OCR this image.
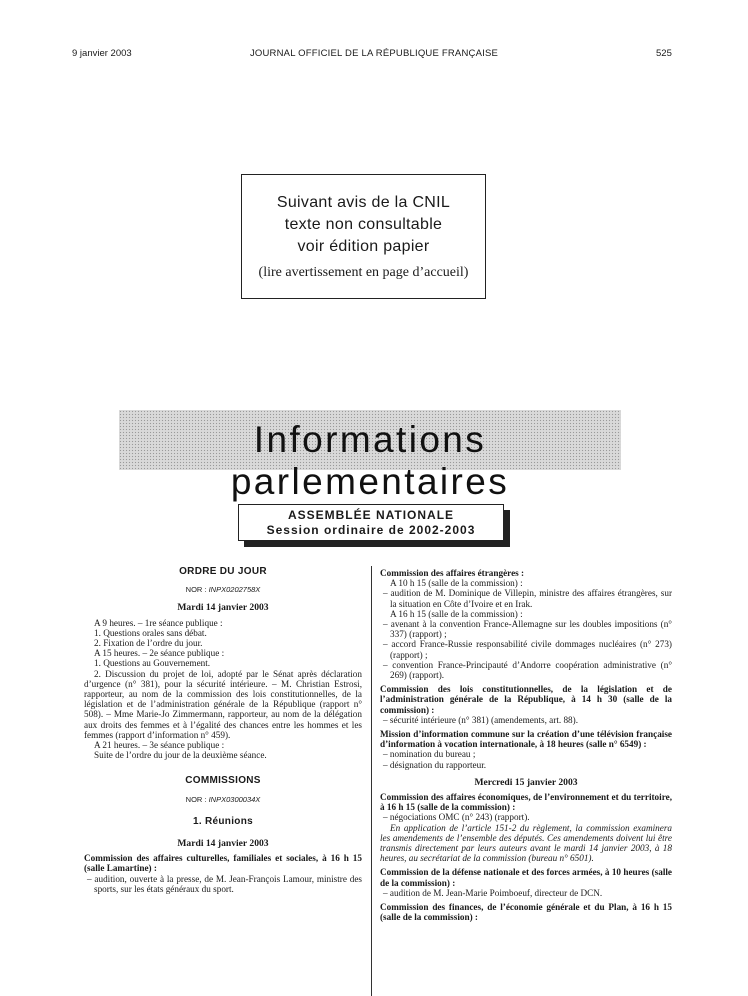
9 janvier 2003	JOURNAL OFFICIEL DE LA RÉPUBLIQUE FRANÇAISE	525
Suivant avis de la CNIL
texte non consultable
voir édition papier
(lire avertissement en page d’accueil)
Informations parlementaires
ASSEMBLÉE NATIONALE
Session ordinaire de 2002-2003
ORDRE DU JOUR
NOR : INPX0202758X
Mardi 14 janvier 2003
A 9 heures. – 1re séance publique :
1. Questions orales sans débat.
2. Fixation de l’ordre du jour.
A 15 heures. – 2e séance publique :
1. Questions au Gouvernement.
2. Discussion du projet de loi, adopté par le Sénat après déclaration d’urgence (n° 381), pour la sécurité intérieure. – M. Christian Estrosi, rapporteur, au nom de la commission des lois constitutionnelles, de la législation et de l’administration générale de la République (rapport n° 508). – Mme Marie-Jo Zimmermann, rapporteur, au nom de la délégation aux droits des femmes et à l’égalité des chances entre les hommes et les femmes (rapport d’information n° 459).
A 21 heures. – 3e séance publique :
Suite de l’ordre du jour de la deuxième séance.
COMMISSIONS
NOR : INPX0300034X
1. Réunions
Mardi 14 janvier 2003
Commission des affaires culturelles, familiales et sociales, à 16 h 15 (salle Lamartine) :
– audition, ouverte à la presse, de M. Jean-François Lamour, ministre des sports, sur les états généraux du sport.
Commission des affaires étrangères :
A 10 h 15 (salle de la commission) :
– audition de M. Dominique de Villepin, ministre des affaires étrangères, sur la situation en Côte d’Ivoire et en Irak.
A 16 h 15 (salle de la commission) :
– avenant à la convention France-Allemagne sur les doubles impositions (n° 337) (rapport) ;
– accord France-Russie responsabilité civile dommages nucléaires (n° 273) (rapport) ;
– convention France-Principauté d’Andorre coopération administrative (n° 269) (rapport).
Commission des lois constitutionnelles, de la législation et de l’administration générale de la République, à 14 h 30 (salle de la commission) :
– sécurité intérieure (n° 381) (amendements, art. 88).
Mission d’information commune sur la création d’une télévision française d’information à vocation internationale, à 18 heures (salle n° 6549) :
– nomination du bureau ;
– désignation du rapporteur.
Mercredi 15 janvier 2003
Commission des affaires économiques, de l’environnement et du territoire, à 16 h 15 (salle de la commission) :
– négociations OMC (n° 243) (rapport).
En application de l’article 151-2 du règlement, la commission examinera les amendements de l’ensemble des députés. Ces amendements doivent lui être transmis directement par leurs auteurs avant le mardi 14 janvier 2003, à 18 heures, au secrétariat de la commission (bureau n° 6501).
Commission de la défense nationale et des forces armées, à 10 heures (salle de la commission) :
– audition de M. Jean-Marie Poimboeuf, directeur de DCN.
Commission des finances, de l’économie générale et du Plan, à 16 h 15 (salle de la commission) :
